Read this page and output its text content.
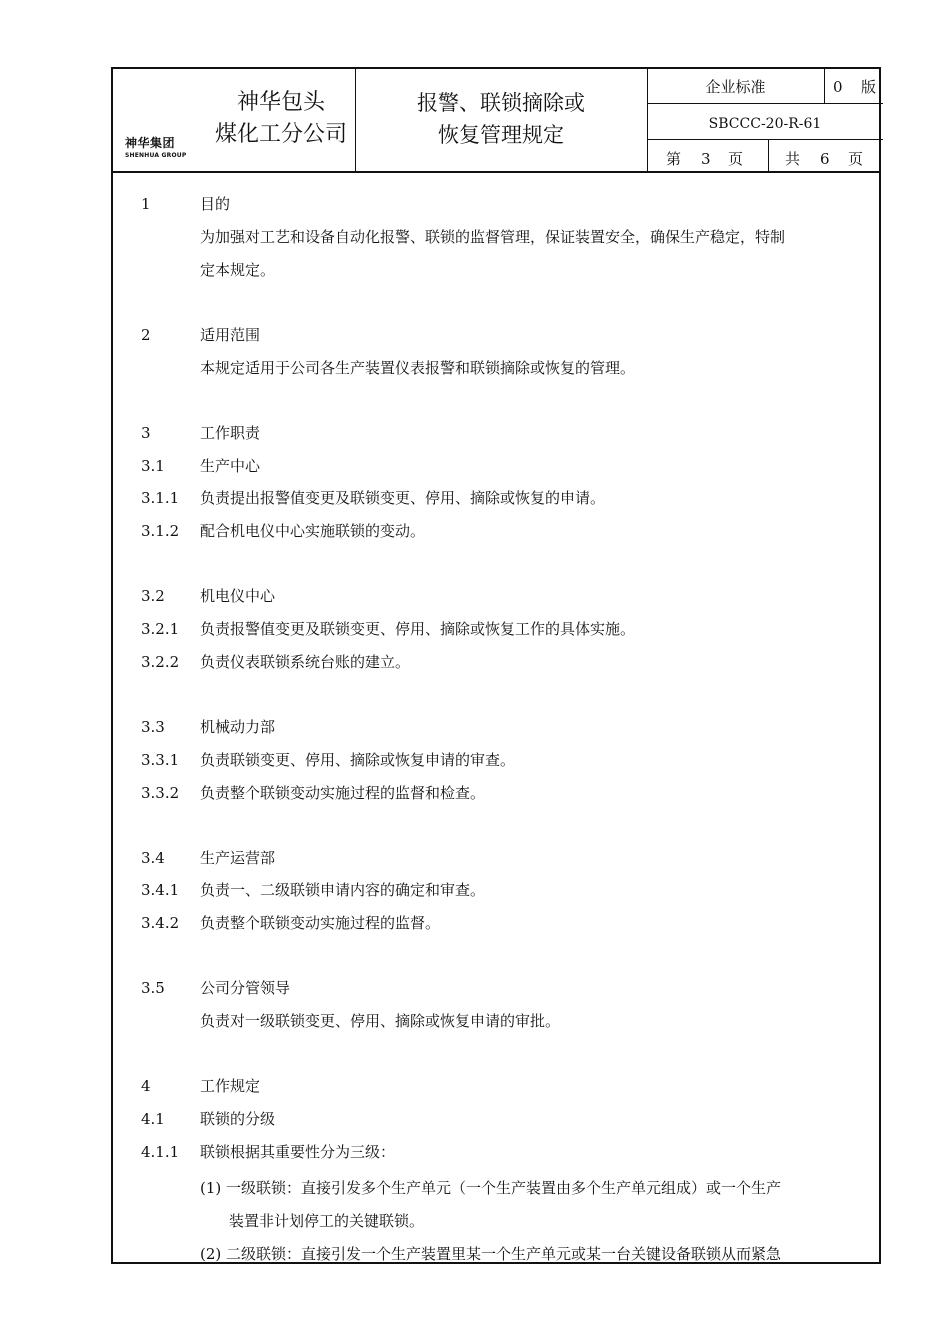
神华集团
SHENHUA GROUP
神华包头
煤化工分公司
报警、联锁摘除或
恢复管理规定
企业标准	0 版
SBCCC-20-R-61
第 3 页	共 6 页
1	目的
为加强对工艺和设备自动化报警、联锁的监督管理，保证装置安全，确保生产稳定，特制
定本规定。
2	适用范围
本规定适用于公司各生产装置仪表报警和联锁摘除或恢复的管理。
3	工作职责
3.1 生产中心
3.1.1 负责提出报警值变更及联锁变更、停用、摘除或恢复的申请。
3.1.2 配合机电仪中心实施联锁的变动。
3.2 机电仪中心
3.2.1 负责报警值变更及联锁变更、停用、摘除或恢复工作的具体实施。
3.2.2 负责仪表联锁系统台账的建立。
3.3 机械动力部
3.3.1 负责联锁变更、停用、摘除或恢复申请的审查。
3.3.2 负责整个联锁变动实施过程的监督和检查。
3.4 生产运营部
3.4.1 负责一、二级联锁申请内容的确定和审查。
3.4.2 负责整个联锁变动实施过程的监督。
3.5 公司分管领导
负责对一级联锁变更、停用、摘除或恢复申请的审批。
4	工作规定
4.1 联锁的分级
4.1.1 联锁根据其重要性分为三级：
(1) 一级联锁：直接引发多个生产单元（一个生产装置由多个生产单元组成）或一个生产
装置非计划停工的关键联锁。
(2) 二级联锁：直接引发一个生产装置里某一个生产单元或某一台关键设备联锁从而紧急
